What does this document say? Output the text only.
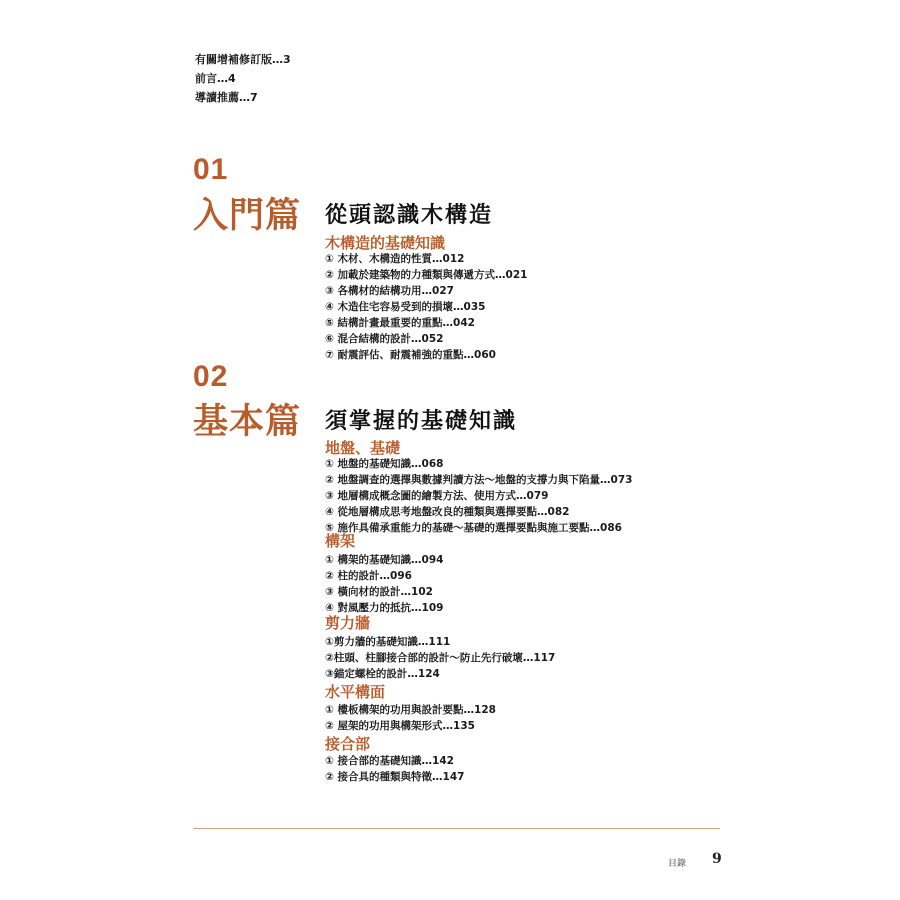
有關增補修訂版…3
前言…4
導讀推薦…7
01
入門篇 從頭認識木構造
木構造的基礎知識
① 木材、木構造的性質…012
② 加載於建築物的力種類與傳遞方式…021
③ 各構材的結構功用…027
④ 木造住宅容易受到的損壞…035
⑤ 結構計畫最重要的重點…042
⑥ 混合結構的設計…052
⑦ 耐震評估、耐震補強的重點…060
02
基本篇 須掌握的基礎知識
地盤、基礎
① 地盤的基礎知識…068
② 地盤調查的選擇與數據判讀方法～地盤的支撐力與下陷量…073
③ 地層構成概念圖的繪製方法、使用方式…079
④ 從地層構成思考地盤改良的種類與選擇要點…082
⑤ 施作具備承重能力的基礎～基礎的選擇要點與施工要點…086
構架
① 構架的基礎知識…094
② 柱的設計…096
③ 橫向材的設計…102
④ 對風壓力的抵抗…109
剪力牆
①剪力牆的基礎知識…111
②柱頭、柱腳接合部的設計～防止先行破壞…117
③錨定螺栓的設計…124
水平構面
① 樓板構架的功用與設計要點…128
② 屋架的功用與構架形式…135
接合部
① 接合部的基礎知識…142
② 接合具的種類與特徵…147
目錄 9
